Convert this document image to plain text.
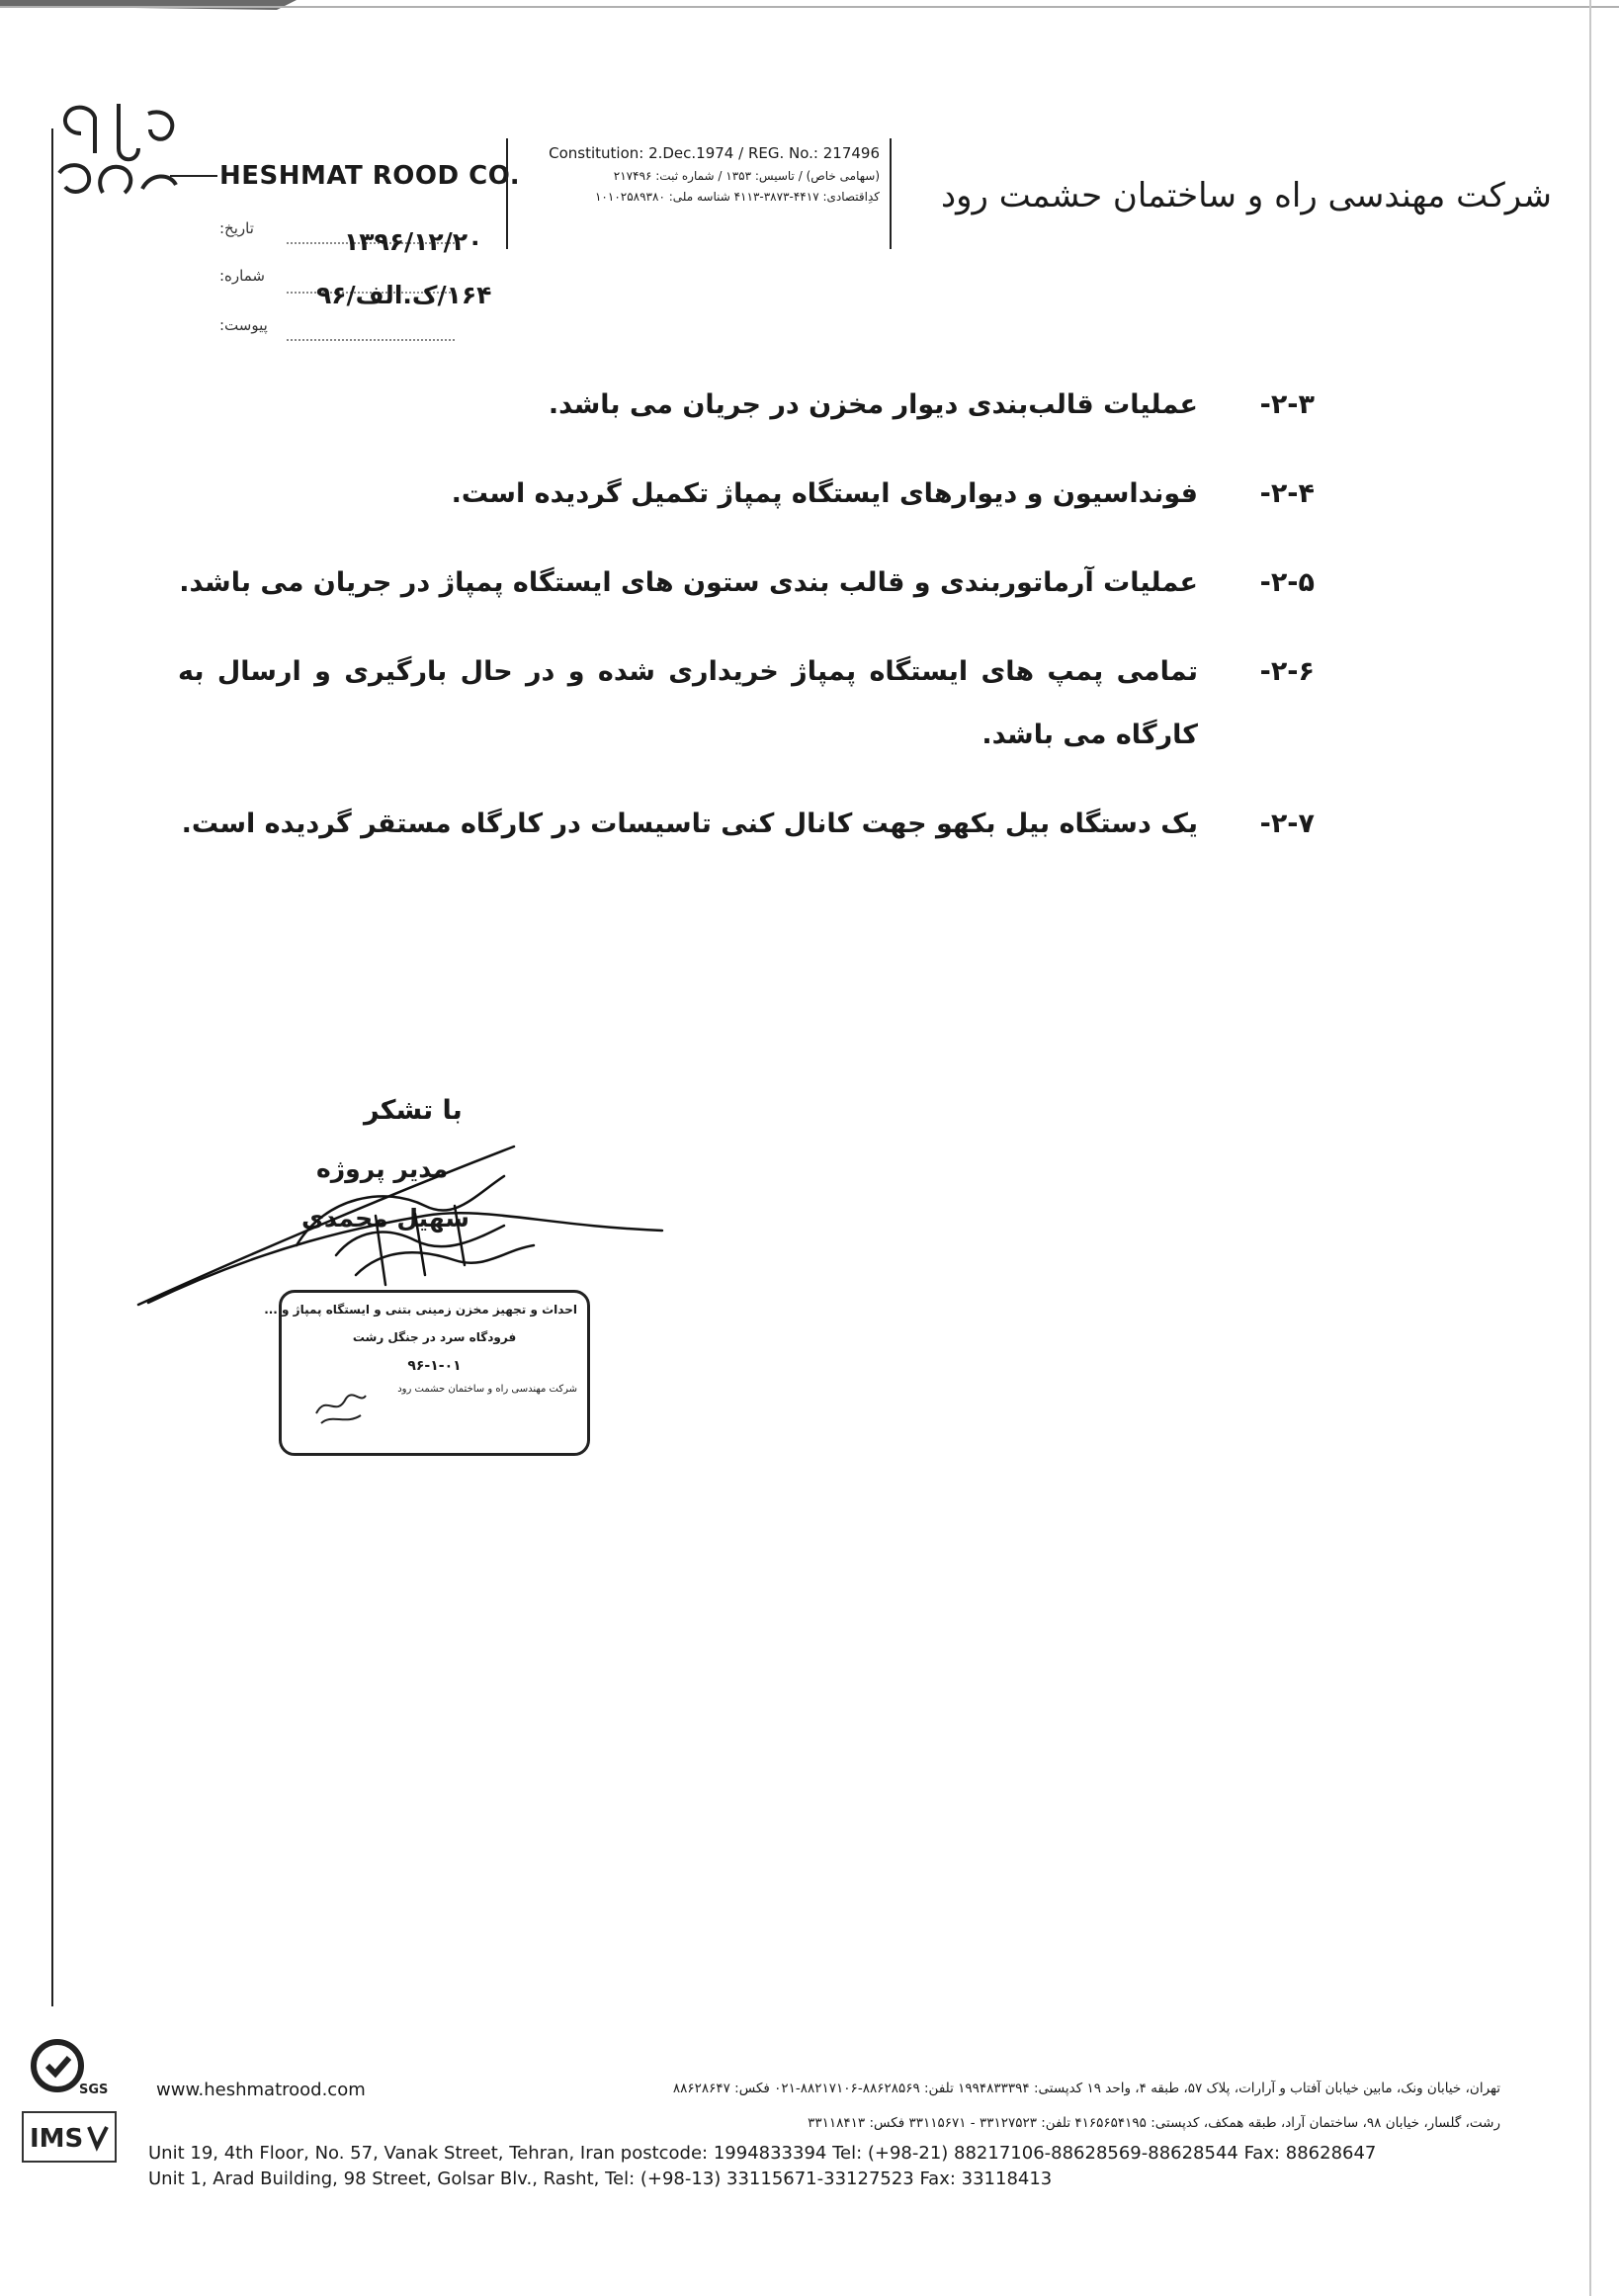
HESHMAT ROOD CO.
Constitution: 2.Dec.1974 / REG. No.: 217496
(سهامی خاص) / تاسیس: ۱۳۵۳ / شماره ثبت: ۲۱۷۴۹۶
کدِاقتصادی: ۴۴۱۷-۳۸۷۳-۴۱۱۳ شناسه ملی: ۱۰۱۰۲۵۸۹۳۸۰ شرکت مهندسی راه و ساختمان حشمت رود
تاریخ:	۱۳۹۶/۱۲/۲۰
شماره:
۱۶۴/ک.الف/۹۶
پیوست:
۲-۳-
عملیات قالب‌بندی دیوار مخزن در جریان می باشد.
۲-۴-
فونداسیون و دیوارهای ایستگاه پمپاژ تکمیل گردیده است.
۲-۵-
عملیات آرماتوربندی و قالب بندی ستون های ایستگاه پمپاژ در جریان می باشد.
۲-۶-
تمامی پمپ های ایستگاه پمپاژ خریداری شده و در حال بارگیری و ارسال به کارگاه می باشد.
۲-۷-
یک دستگاه بیل بکهو جهت کانال کنی تاسیسات در کارگاه مستقر گردیده است.
با تشکر
مدیر پروژه
سهیل محمدی
احداث و تجهیز مخزن زمینی بتنی و ایستگاه پمپاژ و ...
فرودگاه سرد در جنگل رشت
۹۶-۱-۰۱
شرکت مهندسی راه و ساختمان حشمت رود
SGS
IMS
www.heshmatrood.com	تهران، خیابان ونک، مابین خیابان آفتاب و آرارات، پلاک ۵۷، طبقه ۴، واحد ۱۹ کدپستی: ۱۹۹۴۸۳۳۳۹۴ تلفن: ۸۸۶۲۸۵۶۹-۸۸۲۱۷۱۰۶-۰۲۱ فکس: ۸۸۶۲۸۶۴۷
رشت، گلسار، خیابان ۹۸، ساختمان آراد، طبقه همکف، کدپستی: ۴۱۶۵۶۵۴۱۹۵ تلفن: ۳۳۱۲۷۵۲۳ - ۳۳۱۱۵۶۷۱ فکس: ۳۳۱۱۸۴۱۳
Unit 19, 4th Floor, No. 57, Vanak Street, Tehran, Iran postcode: 1994833394 Tel: (+98-21) 88217106-88628569-88628544 Fax: 88628647
Unit 1, Arad Building, 98 Street, Golsar Blv., Rasht, Tel: (+98-13) 33115671-33127523 Fax: 33118413
